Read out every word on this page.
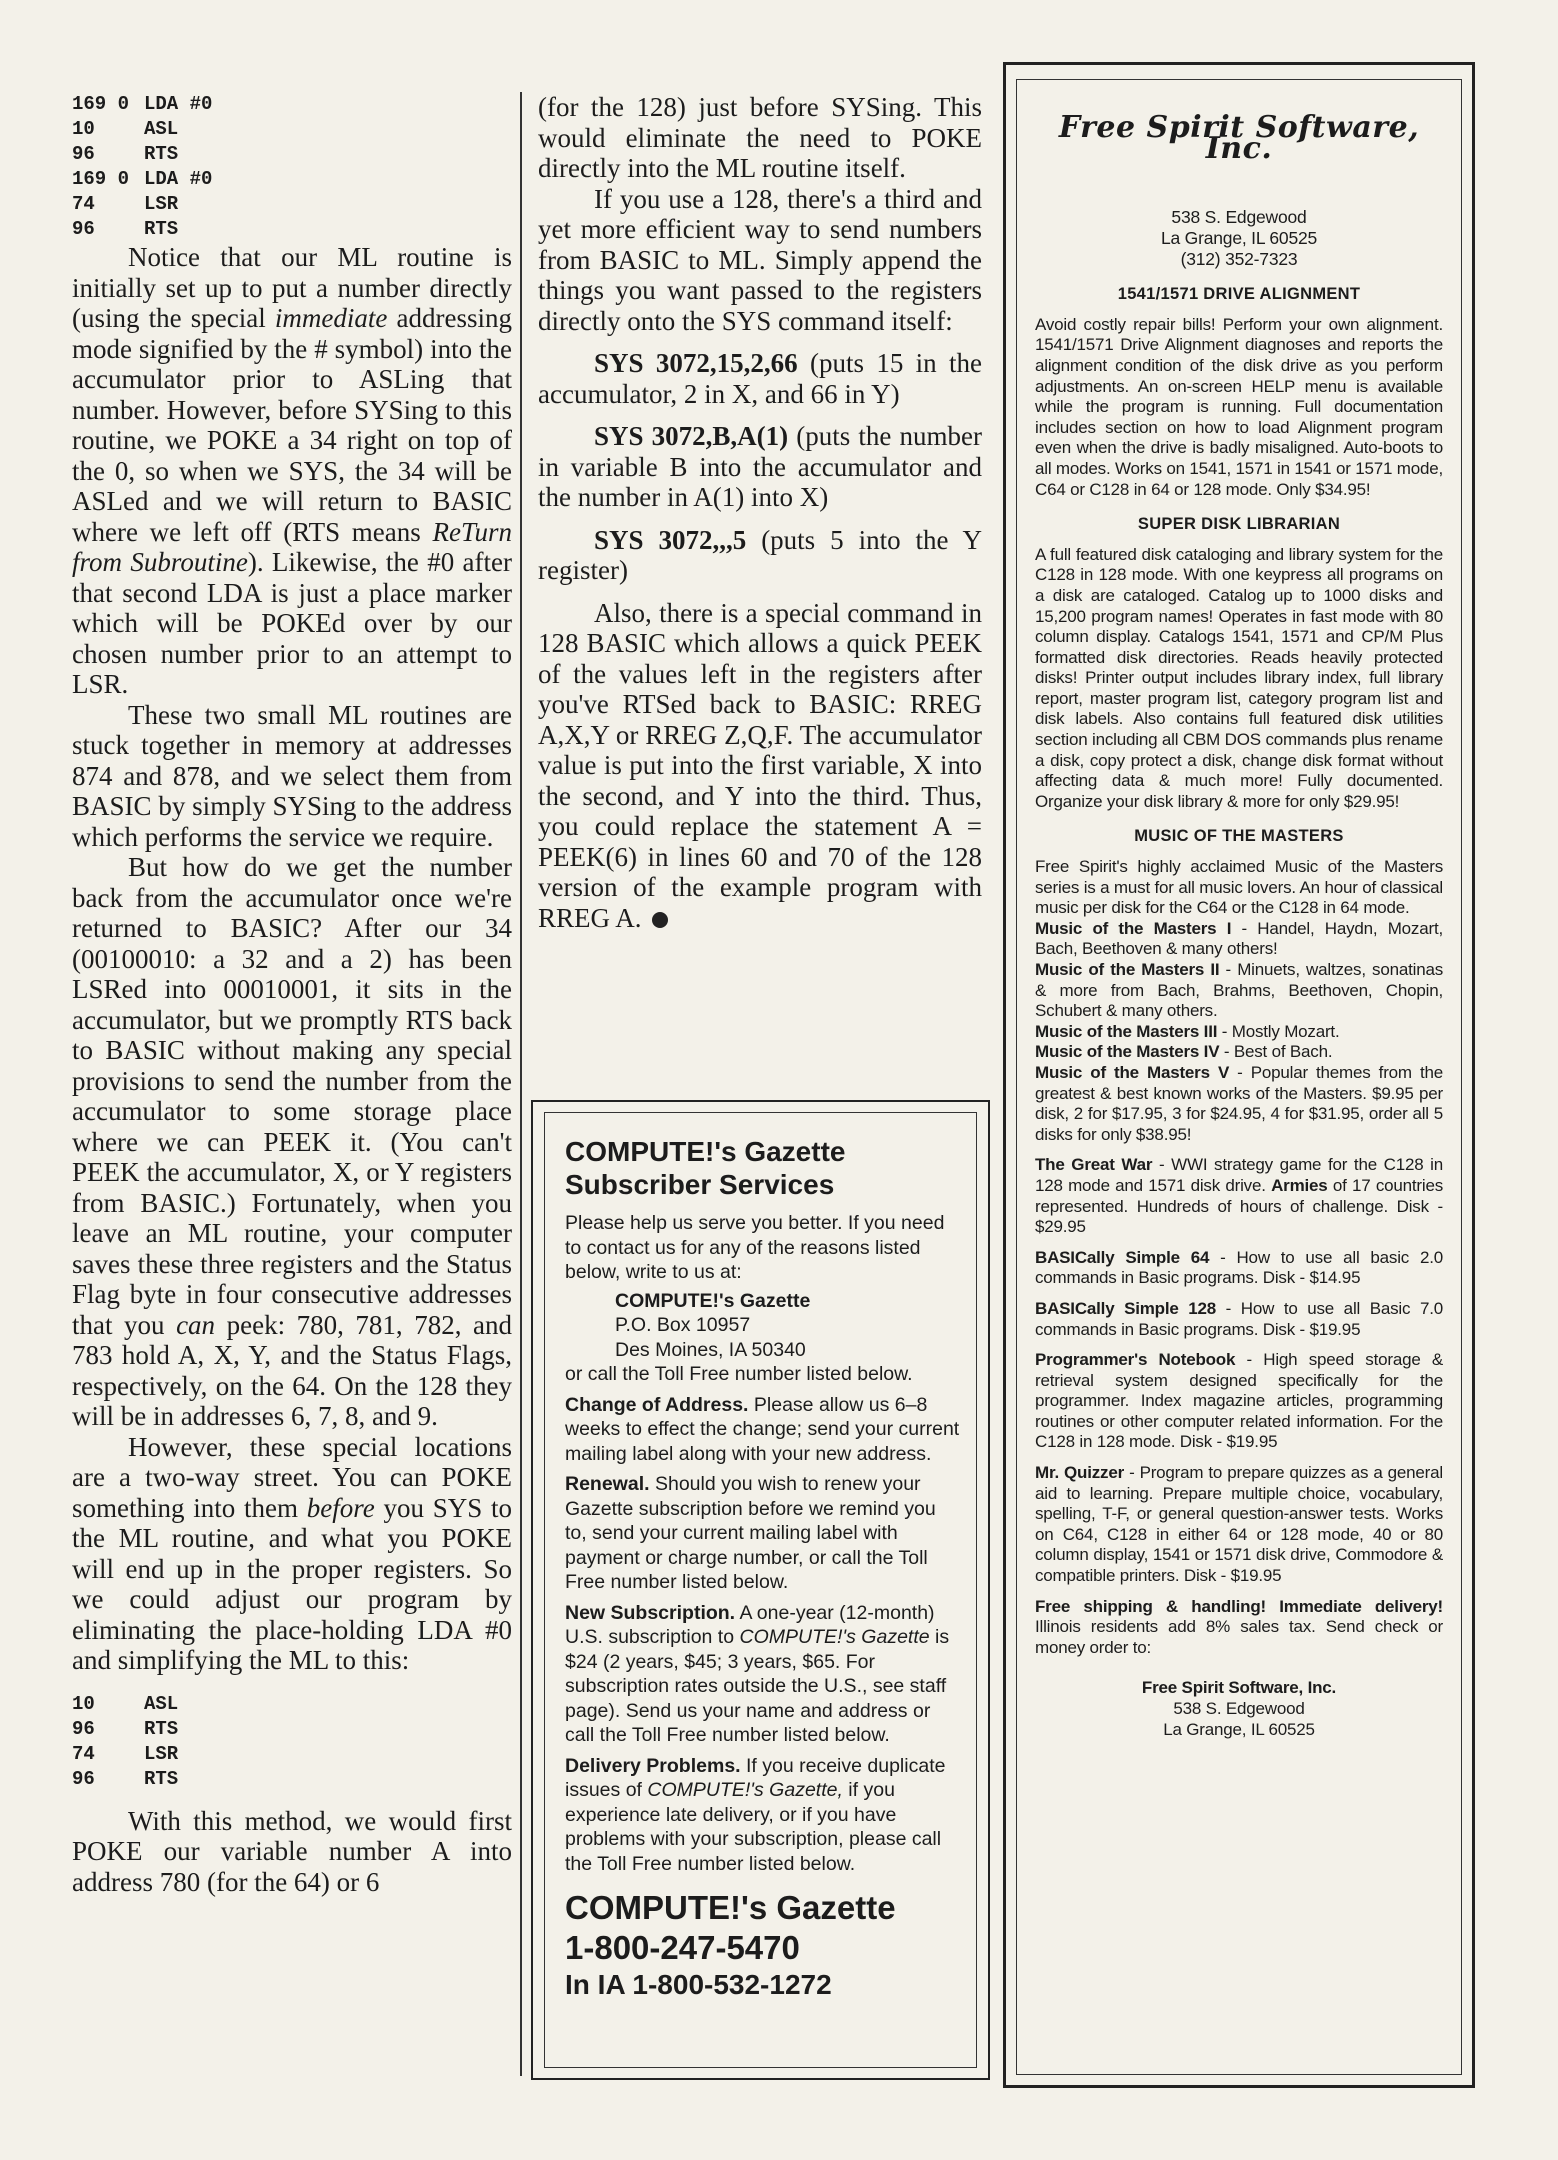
169 0 LDA #0
10	ASL
96	RTS
169 0 LDA #0
74	LSR
96	RTS

Notice that our ML routine is initially set up to put a number directly (using the special immediate addressing mode signified by the # symbol) into the accumulator prior to ASLing that number. However, before SYSing to this routine, we POKE a 34 right on top of the 0, so when we SYS, the 34 will be ASLed and we will return to BASIC where we left off (RTS means ReTurn from Subroutine). Likewise, the #0 after that second LDA is just a place marker which will be POKEd over by our chosen number prior to an attempt to LSR.

These two small ML routines are stuck together in memory at addresses 874 and 878, and we select them from BASIC by simply SYSing to the address which performs the service we require.

But how do we get the number back from the accumulator once we're returned to BASIC? After our 34 (00100010: a 32 and a 2) has been LSRed into 00010001, it sits in the accumulator, but we promptly RTS back to BASIC without making any special provisions to send the number from the accumulator to some storage place where we can PEEK it. (You can't PEEK the accumulator, X, or Y registers from BASIC.) Fortunately, when you leave an ML routine, your computer saves these three registers and the Status Flag byte in four consecutive addresses that you can peek: 780, 781, 782, and 783 hold A, X, Y, and the Status Flags, respectively, on the 64. On the 128 they will be in addresses 6, 7, 8, and 9.

However, these special locations are a two-way street. You can POKE something into them before you SYS to the ML routine, and what you POKE will end up in the proper registers. So we could adjust our program by eliminating the place-holding LDA #0 and simplifying the ML to this:

10	ASL
96	RTS
74	LSR
96	RTS

With this method, we would first POKE our variable number A into address 780 (for the 64) or 6

(for the 128) just before SYSing. This would eliminate the need to POKE directly into the ML routine itself.

If you use a 128, there's a third and yet more efficient way to send numbers from BASIC to ML. Simply append the things you want passed to the registers directly onto the SYS command itself:

SYS 3072,15,2,66 (puts 15 in the accumulator, 2 in X, and 66 in Y)

SYS 3072,B,A(1) (puts the number in variable B into the accumulator and the number in A(1) into X)

SYS 3072,,,5 (puts 5 into the Y register)

Also, there is a special command in 128 BASIC which allows a quick PEEK of the values left in the registers after you've RTSed back to BASIC: RREG A,X,Y or RREG Z,Q,F. The accumulator value is put into the first variable, X into the second, and Y into the third. Thus, you could replace the statement A = PEEK(6) in lines 60 and 70 of the 128 version of the example program with RREG A.

COMPUTE!'s Gazette
Subscriber Services

Please help us serve you better. If you need to contact us for any of the reasons listed below, write to us at:

COMPUTE!'s Gazette
P.O. Box 10957
Des Moines, IA 50340

or call the Toll Free number listed below.

Change of Address. Please allow us 6–8 weeks to effect the change; send your current mailing label along with your new address.

Renewal. Should you wish to renew your Gazette subscription before we remind you to, send your current mailing label with payment or charge number, or call the Toll Free number listed below.

New Subscription. A one-year (12-month) U.S. subscription to COMPUTE!'s Gazette is $24 (2 years, $45; 3 years, $65. For subscription rates outside the U.S., see staff page). Send us your name and address or call the Toll Free number listed below.

Delivery Problems. If you receive duplicate issues of COMPUTE!'s Gazette, if you experience late delivery, or if you have problems with your subscription, please call the Toll Free number listed below.

COMPUTE!'s Gazette
1-800-247-5470
In IA 1-800-532-1272
Free Spirit Software, Inc.
538 S. Edgewood
La Grange, IL 60525
(312) 352-7323
1541/1571 DRIVE ALIGNMENT

Avoid costly repair bills! Perform your own alignment. 1541/1571 Drive Alignment diagnoses and reports the alignment condition of the disk drive as you perform adjustments. An on-screen HELP menu is available while the program is running. Full documentation includes section on how to load Alignment program even when the drive is badly misaligned. Auto-boots to all modes. Works on 1541, 1571 in 1541 or 1571 mode, C64 or C128 in 64 or 128 mode. Only $34.95!

SUPER DISK LIBRARIAN

A full featured disk cataloging and library system for the C128 in 128 mode. With one keypress all programs on a disk are cataloged. Catalog up to 1000 disks and 15,200 program names! Operates in fast mode with 80 column display. Catalogs 1541, 1571 and CP/M Plus formatted disk directories. Reads heavily protected disks! Printer output includes library index, full library report, master program list, category program list and disk labels. Also contains full featured disk utilities section including all CBM DOS commands plus rename a disk, copy protect a disk, change disk format without affecting data & much more! Fully documented. Organize your disk library & more for only $29.95!

MUSIC OF THE MASTERS

Free Spirit's highly acclaimed Music of the Masters series is a must for all music lovers. An hour of classical music per disk for the C64 or the C128 in 64 mode.

Music of the Masters I - Handel, Haydn, Mozart, Bach, Beethoven & many others!

Music of the Masters II - Minuets, waltzes, sonatinas & more from Bach, Brahms, Beethoven, Chopin, Schubert & many others.

Music of the Masters III - Mostly Mozart.

Music of the Masters IV - Best of Bach.

Music of the Masters V - Popular themes from the greatest & best known works of the Masters. $9.95 per disk, 2 for $17.95, 3 for $24.95, 4 for $31.95, order all 5 disks for only $38.95!

The Great War - WWI strategy game for the C128 in 128 mode and 1571 disk drive. Armies of 17 countries represented. Hundreds of hours of challenge. Disk - $29.95

BASICally Simple 64 - How to use all basic 2.0 commands in Basic programs. Disk - $14.95

BASICally Simple 128 - How to use all Basic 7.0 commands in Basic programs. Disk - $19.95

Programmer's Notebook - High speed storage & retrieval system designed specifically for the programmer. Index magazine articles, programming routines or other computer related information. For the C128 in 128 mode. Disk - $19.95

Mr. Quizzer - Program to prepare quizzes as a general aid to learning. Prepare multiple choice, vocabulary, spelling, T-F, or general question-answer tests. Works on C64, C128 in either 64 or 128 mode, 40 or 80 column display, 1541 or 1571 disk drive, Commodore & compatible printers. Disk - $19.95

Free shipping & handling! Immediate delivery! Illinois residents add 8% sales tax. Send check or money order to:

Free Spirit Software, Inc.
538 S. Edgewood
La Grange, IL 60525
